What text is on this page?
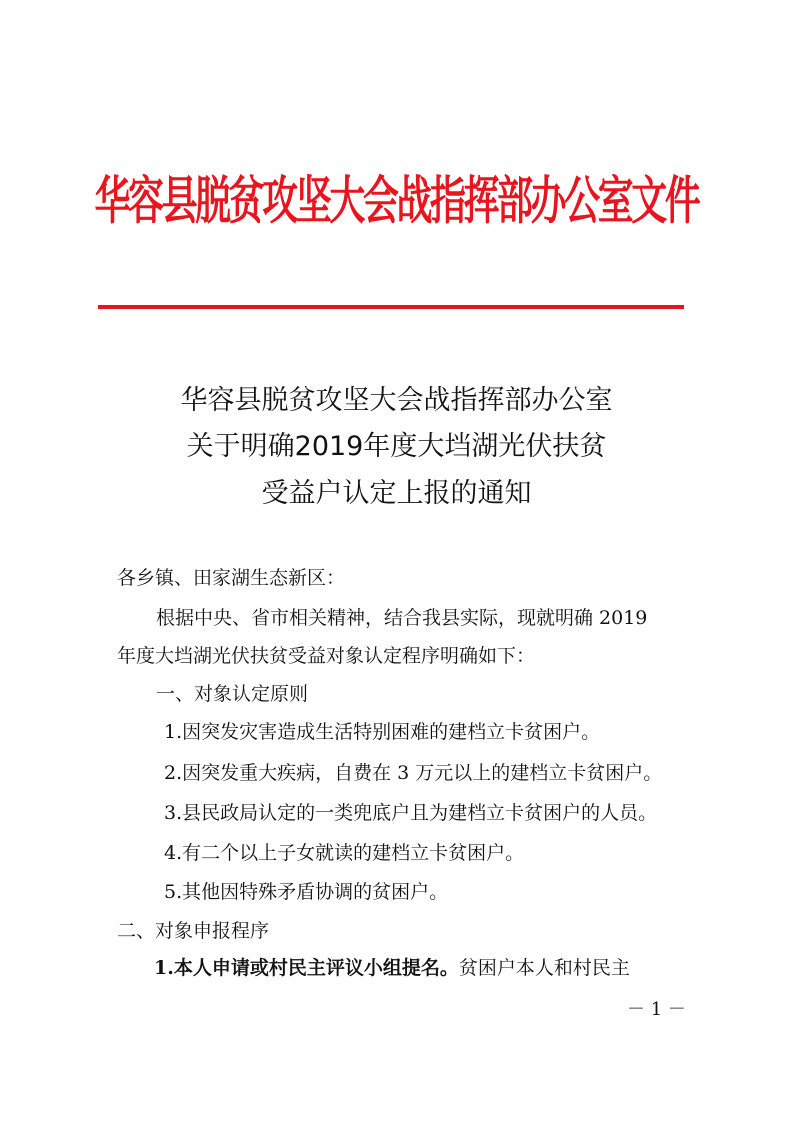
华容县脱贫攻坚大会战指挥部办公室文件
华容县脱贫攻坚大会战指挥部办公室
关于明确2019年度大垱湖光伏扶贫
受益户认定上报的通知
各乡镇、田家湖生态新区：
根据中央、省市相关精神，结合我县实际，现就明确 2019
年度大垱湖光伏扶贫受益对象认定程序明确如下：
一、对象认定原则
1.因突发灾害造成生活特别困难的建档立卡贫困户。
2.因突发重大疾病，自费在 3 万元以上的建档立卡贫困户。
3.县民政局认定的一类兜底户且为建档立卡贫困户的人员。
4.有二个以上子女就读的建档立卡贫困户。
5.其他因特殊矛盾协调的贫困户。
二、对象申报程序
1.本人申请或村民主评议小组提名。贫困户本人和村民主
－ 1 －
